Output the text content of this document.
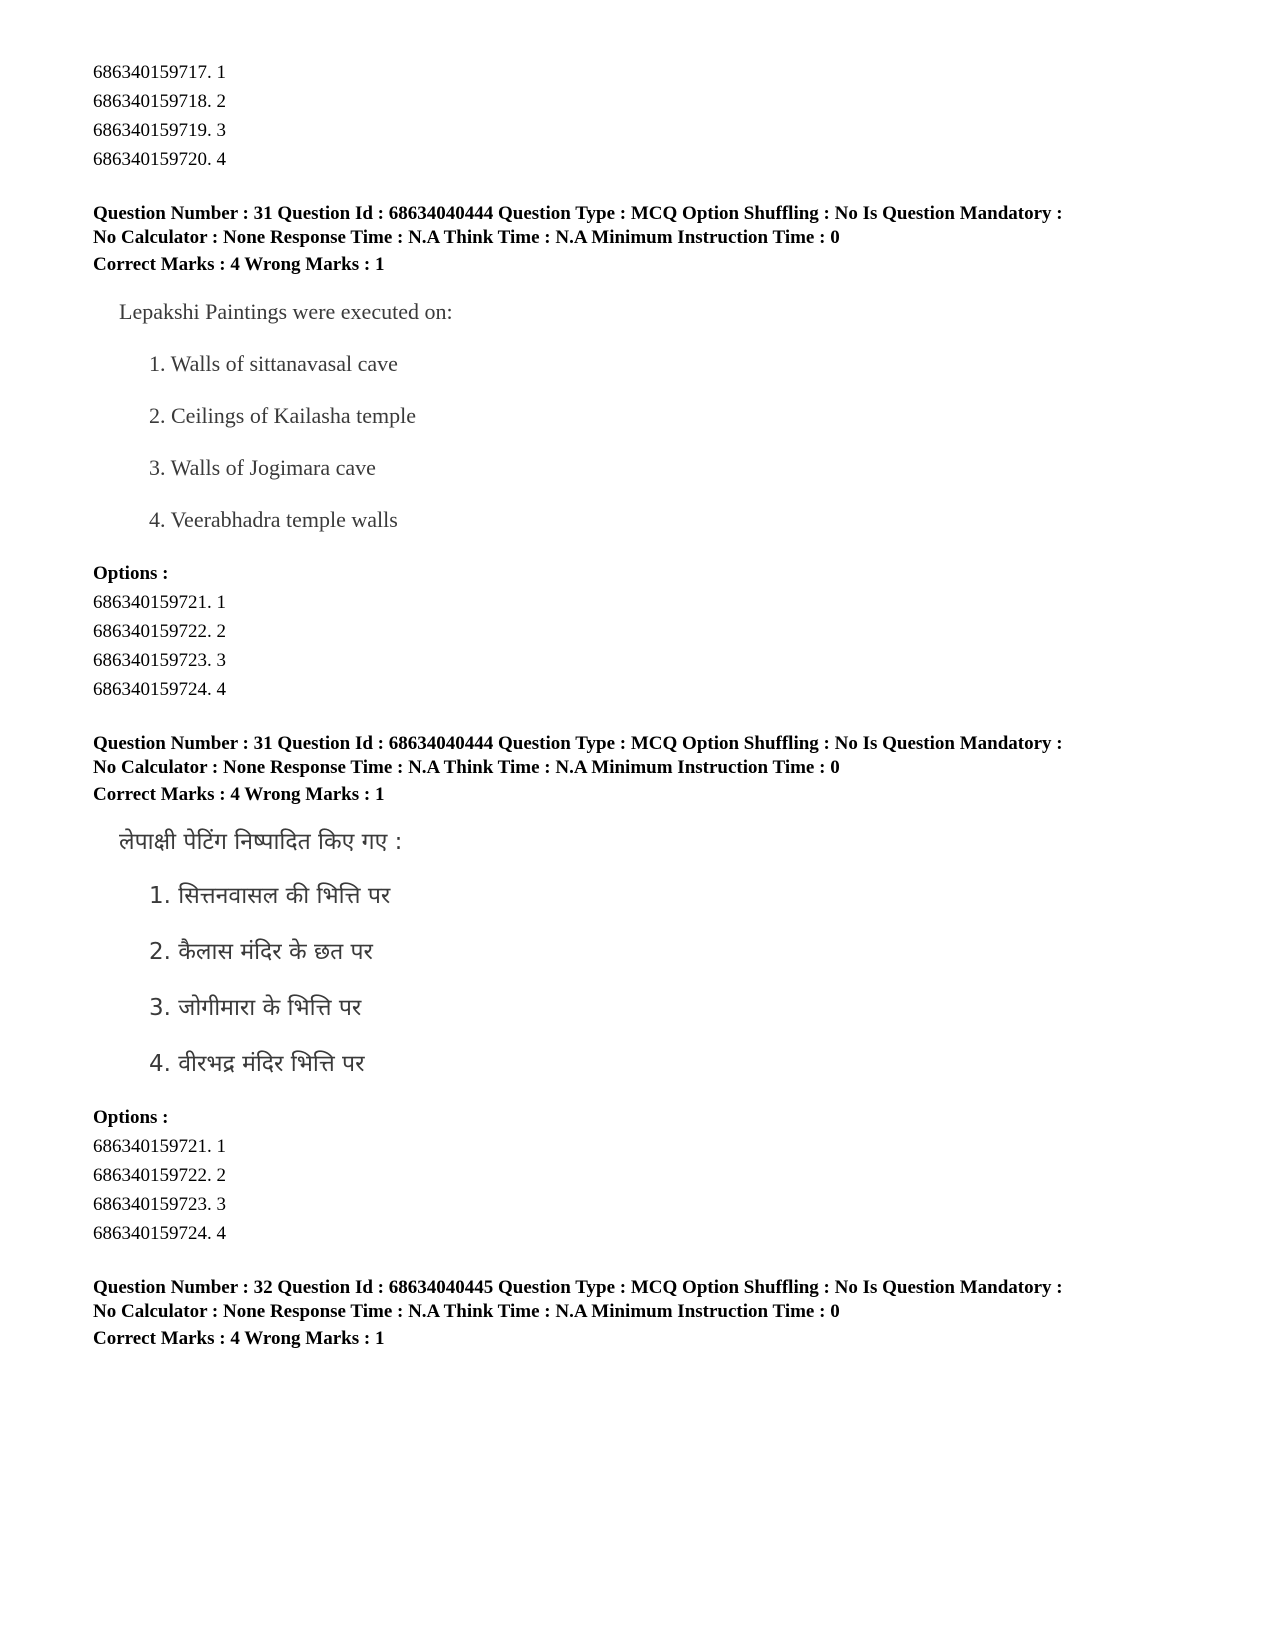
686340159717. 1

686340159718. 2

686340159719. 3

686340159720. 4

Question Number : 31 Question Id : 68634040444 Question Type : MCQ Option Shuffling : No Is Question Mandatory :

No Calculator : None Response Time : N.A Think Time : N.A Minimum Instruction Time : 0

Correct Marks : 4 Wrong Marks : 1

Lepakshi Paintings were executed on:

1. Walls of sittanavasal cave
2. Ceilings of Kailasha temple
3. Walls of Jogimara cave
4. Veerabhadra temple walls

Options :

686340159721. 1

686340159722. 2

686340159723. 3

686340159724. 4

Question Number : 31 Question Id : 68634040444 Question Type : MCQ Option Shuffling : No Is Question Mandatory :

No Calculator : None Response Time : N.A Think Time : N.A Minimum Instruction Time : 0

Correct Marks : 4 Wrong Marks : 1

लेपाक्षी पेटिंग निष्पादित किए गए :

1. सित्तनवासल की भित्ति पर
2. कैलास मंदिर के छत पर
3. जोगीमारा के भित्ति पर
4. वीरभद्र मंदिर भित्ति पर

Options :

686340159721. 1

686340159722. 2

686340159723. 3

686340159724. 4

Question Number : 32 Question Id : 68634040445 Question Type : MCQ Option Shuffling : No Is Question Mandatory :

No Calculator : None Response Time : N.A Think Time : N.A Minimum Instruction Time : 0

Correct Marks : 4 Wrong Marks : 1
